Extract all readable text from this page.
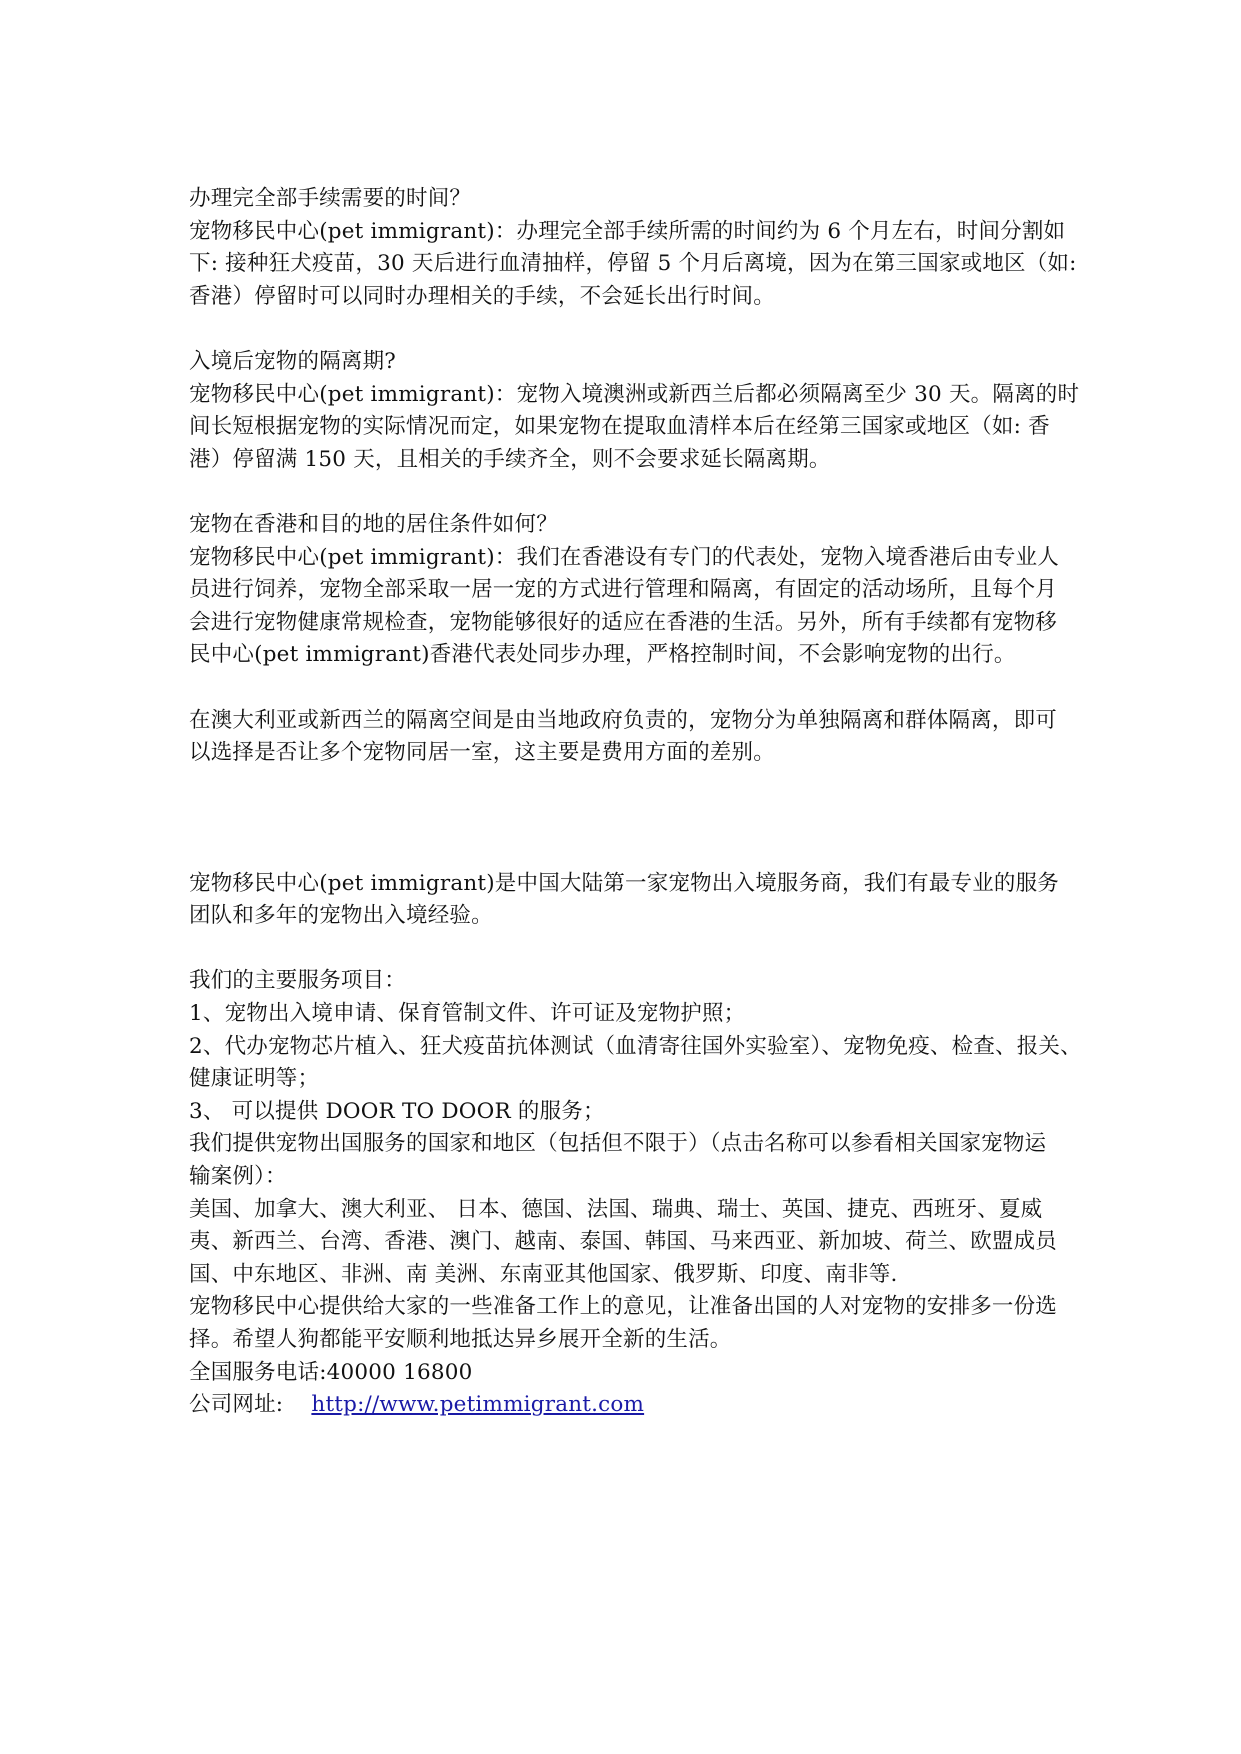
办理完全部手续需要的时间？
宠物移民中心(pet immigrant)：办理完全部手续所需的时间约为 6 个月左右，时间分割如
下: 接种狂犬疫苗，30 天后进行血清抽样，停留 5 个月后离境，因为在第三国家或地区（如:
香港）停留时可以同时办理相关的手续，不会延长出行时间。
入境后宠物的隔离期?
宠物移民中心(pet immigrant)：宠物入境澳洲或新西兰后都必须隔离至少 30 天。隔离的时
间长短根据宠物的实际情况而定，如果宠物在提取血清样本后在经第三国家或地区（如: 香
港）停留满 150 天，且相关的手续齐全，则不会要求延长隔离期。
宠物在香港和目的地的居住条件如何？
宠物移民中心(pet immigrant)：我们在香港设有专门的代表处，宠物入境香港后由专业人
员进行饲养，宠物全部采取一居一宠的方式进行管理和隔离，有固定的活动场所，且每个月
会进行宠物健康常规检查，宠物能够很好的适应在香港的生活。另外，所有手续都有宠物移
民中心(pet immigrant)香港代表处同步办理，严格控制时间，不会影响宠物的出行。
在澳大利亚或新西兰的隔离空间是由当地政府负责的，宠物分为单独隔离和群体隔离，即可
以选择是否让多个宠物同居一室，这主要是费用方面的差别。
宠物移民中心(pet immigrant)是中国大陆第一家宠物出入境服务商，我们有最专业的服务
团队和多年的宠物出入境经验。
我们的主要服务项目：
1、宠物出入境申请、保育管制文件、许可证及宠物护照；
2、代办宠物芯片植入、狂犬疫苗抗体测试（血清寄往国外实验室）、宠物免疫、检查、报关、
健康证明等；
3、 可以提供 DOOR TO DOOR 的服务；
我们提供宠物出国服务的国家和地区（包括但不限于）（点击名称可以参看相关国家宠物运
输案例）：
美国、加拿大、澳大利亚、 日本、德国、法国、瑞典、瑞士、英国、捷克、西班牙、夏威
夷、新西兰、台湾、香港、澳门、越南、泰国、韩国、马来西亚、新加坡、荷兰、欧盟成员
国、中东地区、非洲、南 美洲、东南亚其他国家、俄罗斯、印度、南非等.
宠物移民中心提供给大家的一些准备工作上的意见，让准备出国的人对宠物的安排多一份选
择。希望人狗都能平安顺利地抵达异乡展开全新的生活。
全国服务电话:40000 16800
公司网址: http://www.petimmigrant.com
